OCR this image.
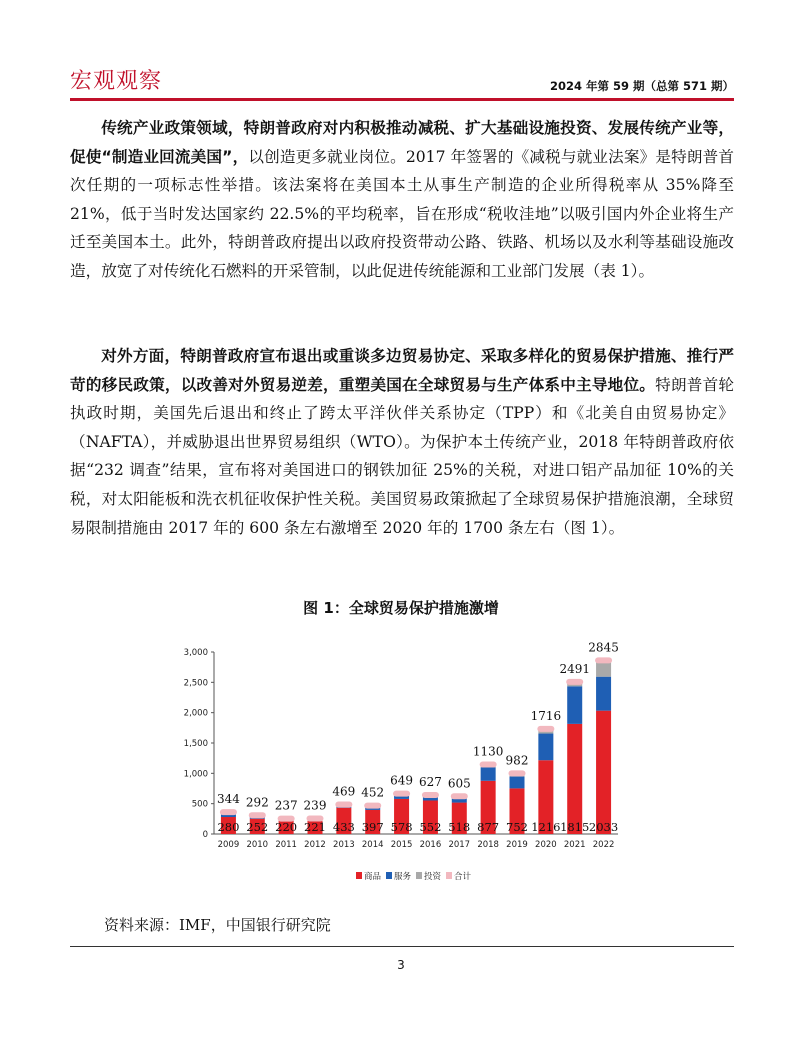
宏观观察	2024 年第 59 期（总第 571 期）
传统产业政策领域，特朗普政府对内积极推动减税、扩大基础设施投资、发展传统产业等，促使“制造业回流美国”，以创造更多就业岗位。2017 年签署的《减税与就业法案》是特朗普首次任期的一项标志性举措。该法案将在美国本土从事生产制造的企业所得税率从 35%降至 21%，低于当时发达国家约 22.5%的平均税率，旨在形成“税收洼地”以吸引国内外企业将生产迁至美国本土。此外，特朗普政府提出以政府投资带动公路、铁路、机场以及水利等基础设施改造，放宽了对传统化石燃料的开采管制，以此促进传统能源和工业部门发展（表 1）。
对外方面，特朗普政府宣布退出或重谈多边贸易协定、采取多样化的贸易保护措施、推行严苛的移民政策，以改善对外贸易逆差，重塑美国在全球贸易与生产体系中主导地位。特朗普首轮执政时期，美国先后退出和终止了跨太平洋伙伴关系协定（TPP）和《北美自由贸易协定》（NAFTA），并威胁退出世界贸易组织（WTO）。为保护本土传统产业，2018 年特朗普政府依据“232 调查”结果，宣布将对美国进口的钢铁加征 25%的关税，对进口铝产品加征 10%的关税，对太阳能板和洗衣机征收保护性关税。美国贸易政策掀起了全球贸易保护措施浪潮，全球贸易限制措施由 2017 年的 600 条左右激增至 2020 年的 1700 条左右（图 1）。
图 1：全球贸易保护措施激增
0
500
1,000
1,500
2,000
2,500
3,000
344
280
2009
292
252
2010
237
220
2011
239
221
2012
469
433
2013
452
397
2014
649
578
2015
627
552
2016
605
518
2017
1130
877
2018
982
752
2019
1716
1216
2020
2491
1815
2021
2845
2033
2022
商品 服务 投资 合计
资料来源：IMF，中国银行研究院
3
